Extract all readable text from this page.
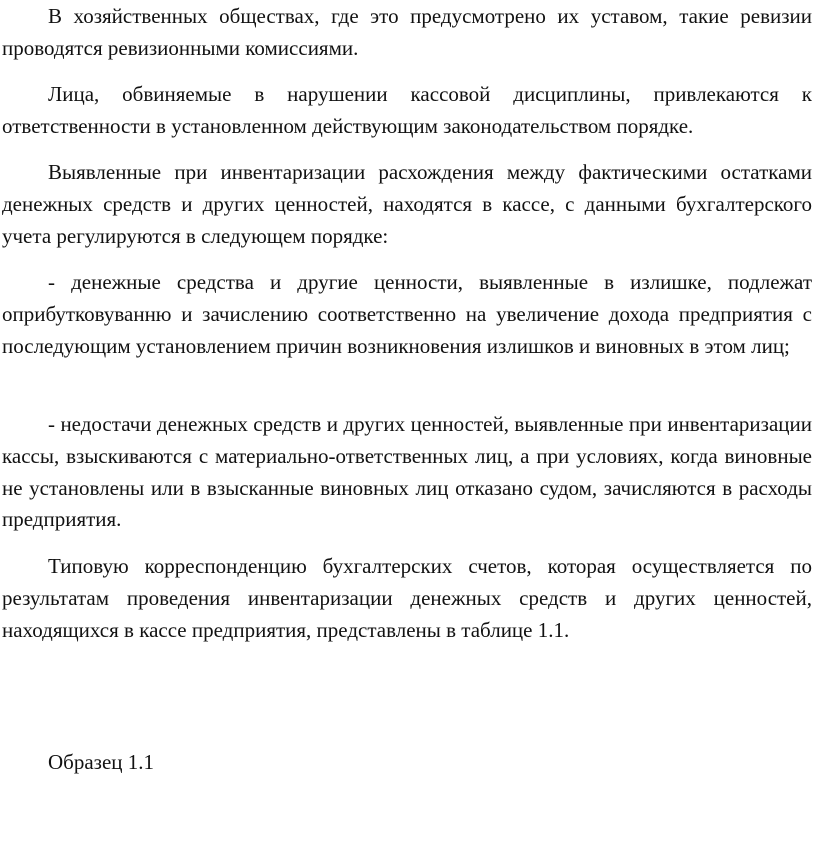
В хозяйственных обществах, где это предусмотрено их уставом, такие ревизии проводятся ревизионными комиссиями.

Лица, обвиняемые в нарушении кассовой дисциплины, привлекаются к ответственности в установленном действующим законодательством порядке.

Выявленные при инвентаризации расхождения между фактическими остатками денежных средств и других ценностей, находятся в кассе, с данными бухгалтерского учета регулируются в следующем порядке:

- денежные средства и другие ценности, выявленные в излишке, подлежат оприбутковуванню и зачислению соответственно на увеличение дохода предприятия с последующим установлением причин возникновения излишков и виновных в этом лиц;

- недостачи денежных средств и других ценностей, выявленные при инвентаризации кассы, взыскиваются с материально-ответственных лиц, а при условиях, когда виновные не установлены или в взысканные виновных лиц отказано судом, зачисляются в расходы предприятия.

Типовую корреспонденцию бухгалтерских счетов, которая осуществляется по результатам проведения инвентаризации денежных средств и других ценностей, находящихся в кассе предприятия, представлены в таблице 1.1.

Образец 1.1
